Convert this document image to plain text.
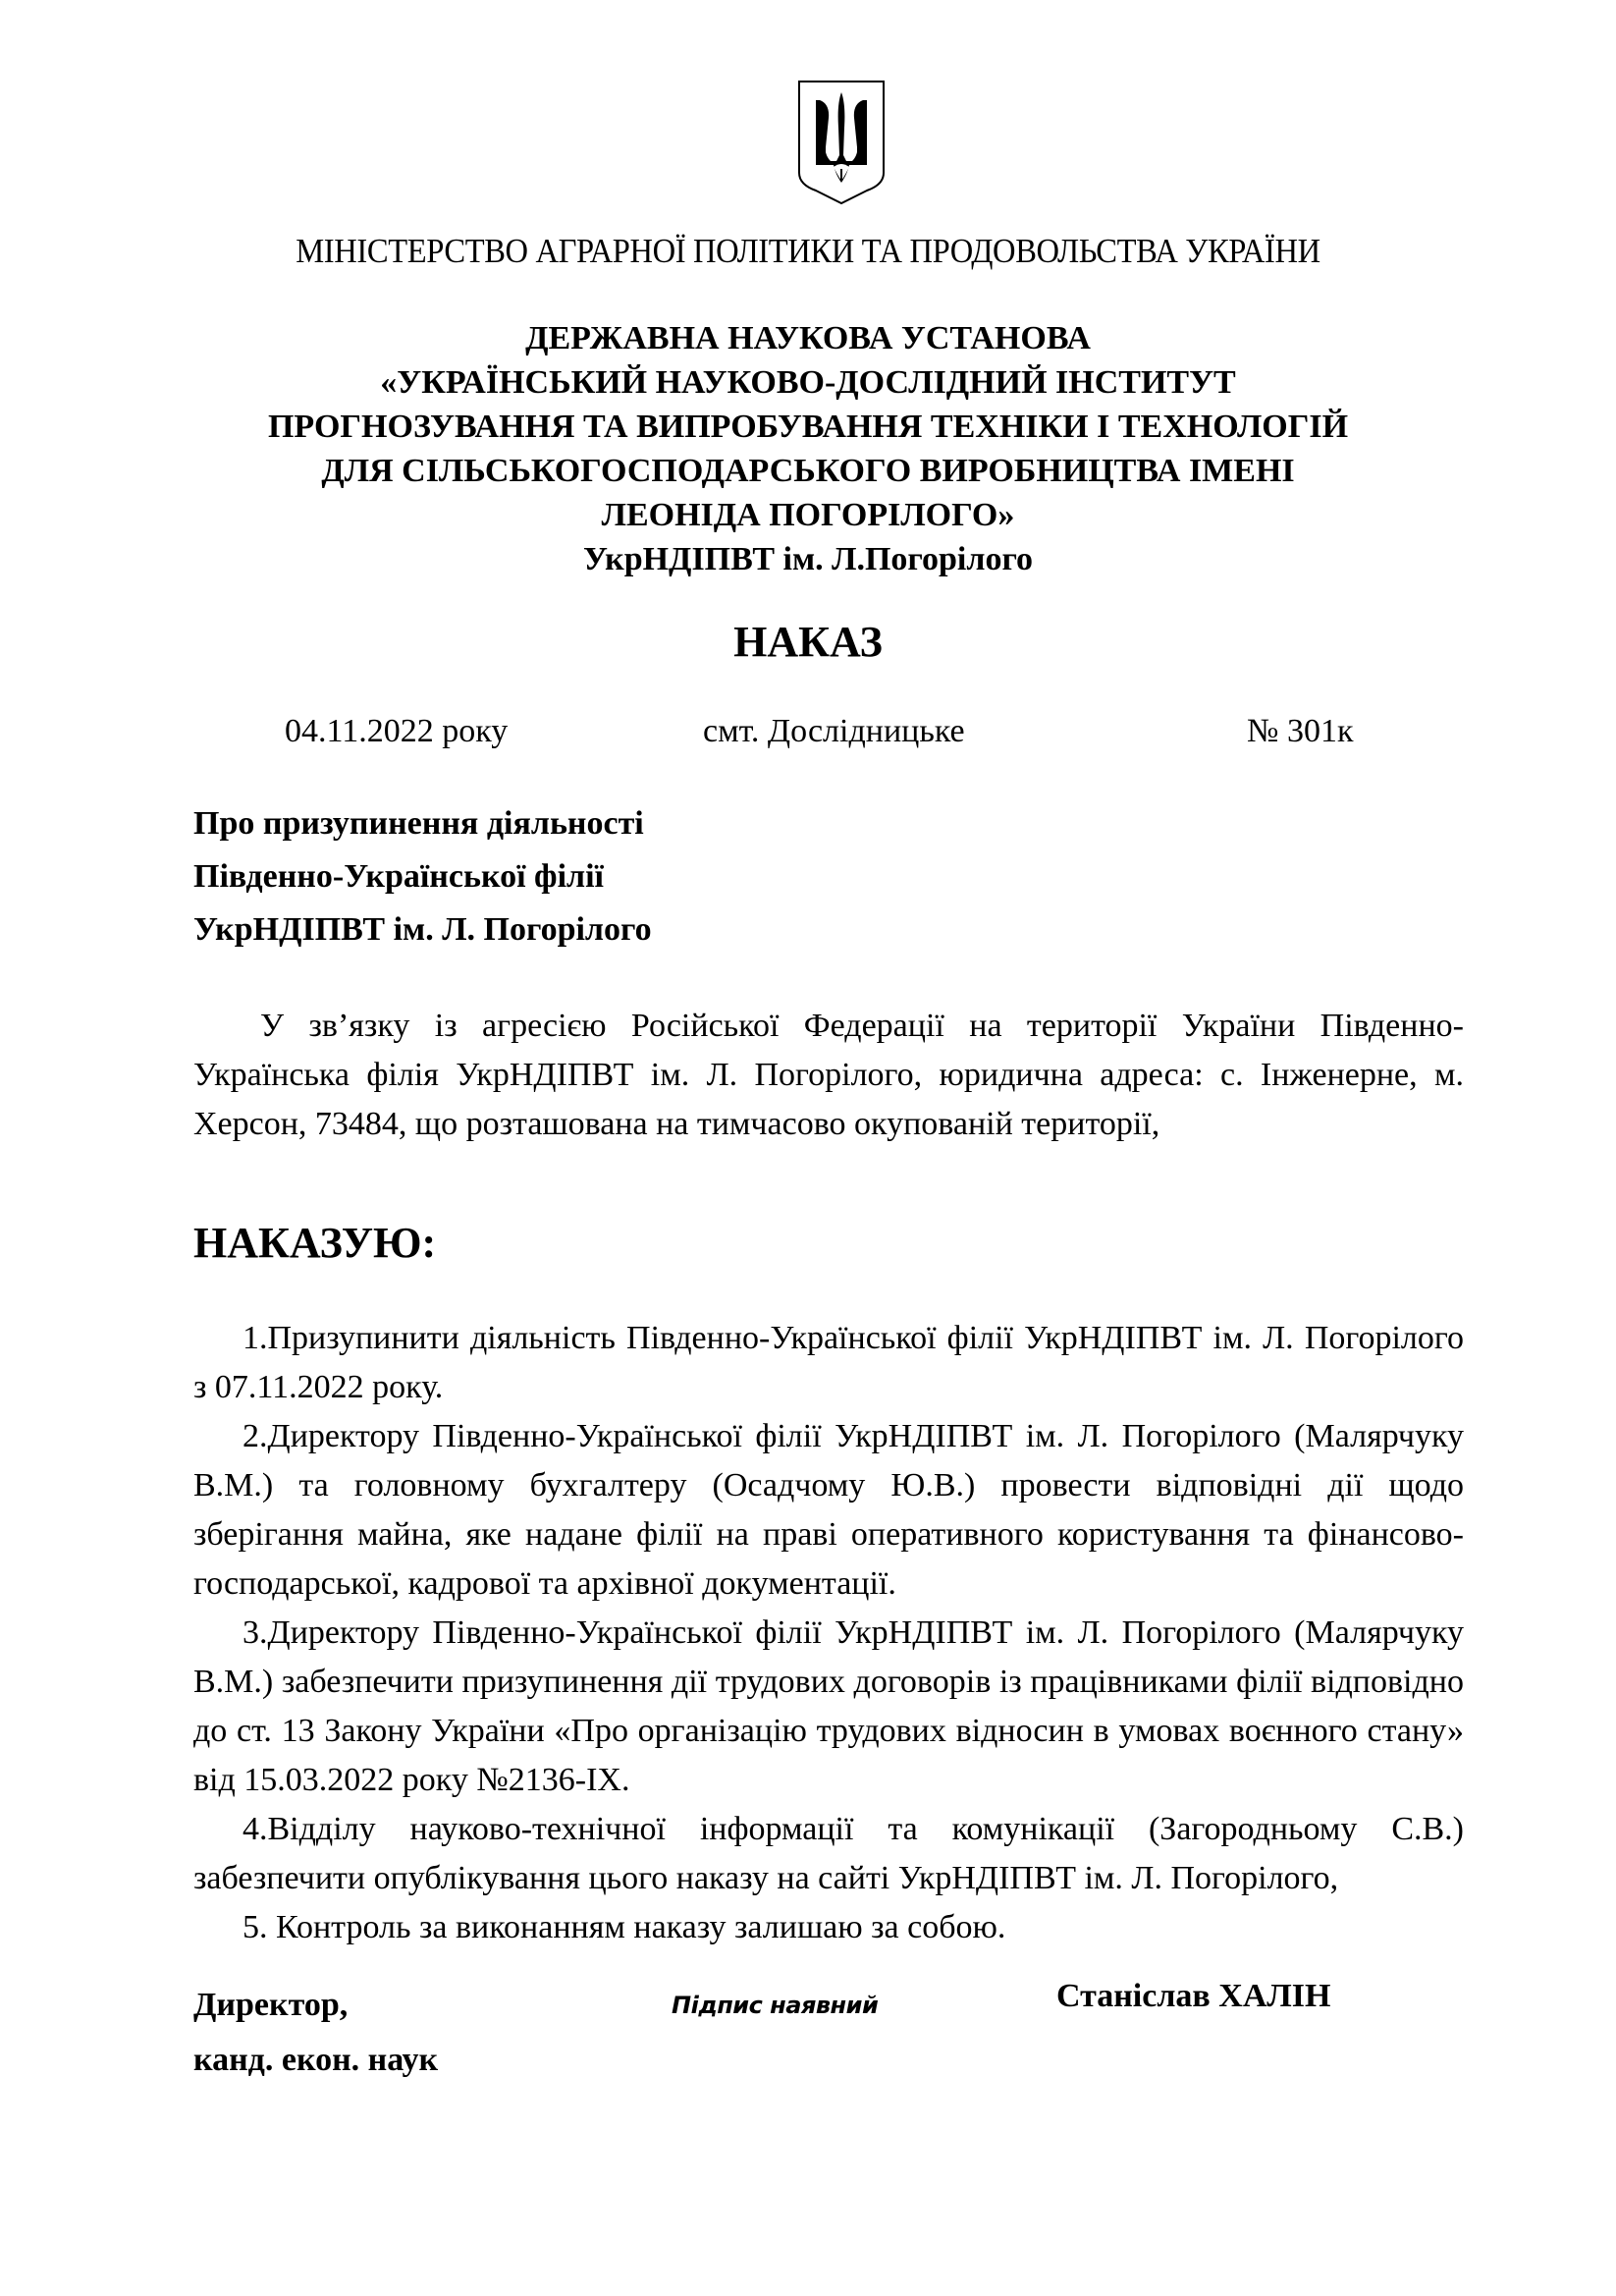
МІНІСТЕРСТВО АГРАРНОЇ ПОЛІТИКИ ТА ПРОДОВОЛЬСТВА УКРАЇНИ
ДЕРЖАВНА НАУКОВА УСТАНОВА
«УКРАЇНСЬКИЙ НАУКОВО-ДОСЛІДНИЙ ІНСТИТУТ
ПРОГНОЗУВАННЯ ТА ВИПРОБУВАННЯ ТЕХНІКИ І ТЕХНОЛОГІЙ
ДЛЯ СІЛЬСЬКОГОСПОДАРСЬКОГО ВИРОБНИЦТВА ІМЕНІ
ЛЕОНІДА ПОГОРІЛОГО»
УкрНДІПВТ ім. Л.Погорілого
НАКАЗ
04.11.2022 року	смт. Дослідницьке	№ 301к
Про призупинення діяльності
Південно-Української філії
УкрНДІПВТ ім. Л. Погорілого
У зв’язку із агресією Російської Федерації на території України Південно-Українська філія УкрНДІПВТ ім. Л. Погорілого, юридична адреса: с. Інженерне, м. Херсон, 73484, що розташована на тимчасово окупованій території,
НАКАЗУЮ:

1.Призупинити діяльність Південно-Української філії УкрНДІПВТ ім. Л. Погорілого з 07.11.2022 року.

2.Директору Південно-Української філії УкрНДІПВТ ім. Л. Погорілого (Малярчуку В.М.) та головному бухгалтеру (Осадчому Ю.В.) провести відповідні дії щодо зберігання майна, яке надане філії на праві оперативного користування та фінансово-господарської, кадрової та архівної документації.

3.Директору Південно-Української філії УкрНДІПВТ ім. Л. Погорілого (Малярчуку В.М.) забезпечити призупинення дії трудових договорів із працівниками філії відповідно до ст. 13 Закону України «Про організацію трудових відносин в умовах воєнного стану» від 15.03.2022 року №2136-IX.

4.Відділу науково-технічної інформації та комунікації (Загородньому С.В.) забезпечити опублікування цього наказу на сайті УкрНДІПВТ ім. Л. Погорілого,

5. Контроль за виконанням наказу залишаю за собою.

Директор,
канд. екон. наук
Підпис наявний	Станіслав ХАЛІН
